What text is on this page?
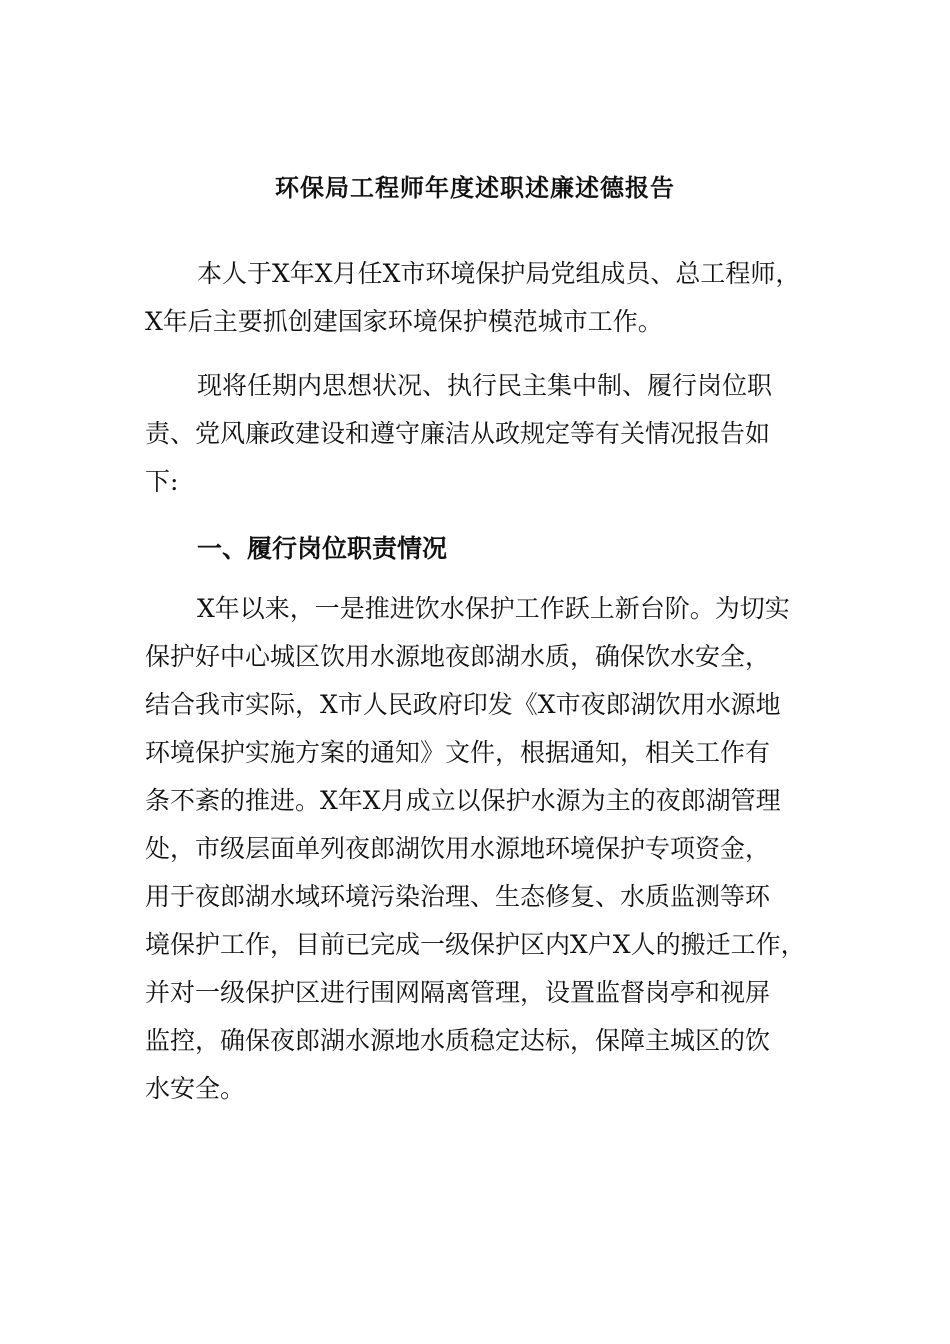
环保局工程师年度述职述廉述德报告

本人于X年X月任X市环境保护局党组成员、总工程师，
X年后主要抓创建国家环境保护模范城市工作。

现将任期内思想状况、执行民主集中制、履行岗位职
责、党风廉政建设和遵守廉洁从政规定等有关情况报告如
下:

一、履行岗位职责情况

X年以来，一是推进饮水保护工作跃上新台阶。为切实
保护好中心城区饮用水源地夜郎湖水质，确保饮水安全，
结合我市实际，X市人民政府印发《X市夜郎湖饮用水源地
环境保护实施方案的通知》文件，根据通知，相关工作有
条不紊的推进。X年X月成立以保护水源为主的夜郎湖管理
处，市级层面单列夜郎湖饮用水源地环境保护专项资金，
用于夜郎湖水域环境污染治理、生态修复、水质监测等环
境保护工作，目前已完成一级保护区内X户X人的搬迁工作，
并对一级保护区进行围网隔离管理，设置监督岗亭和视屏
监控，确保夜郎湖水源地水质稳定达标，保障主城区的饮
水安全。
